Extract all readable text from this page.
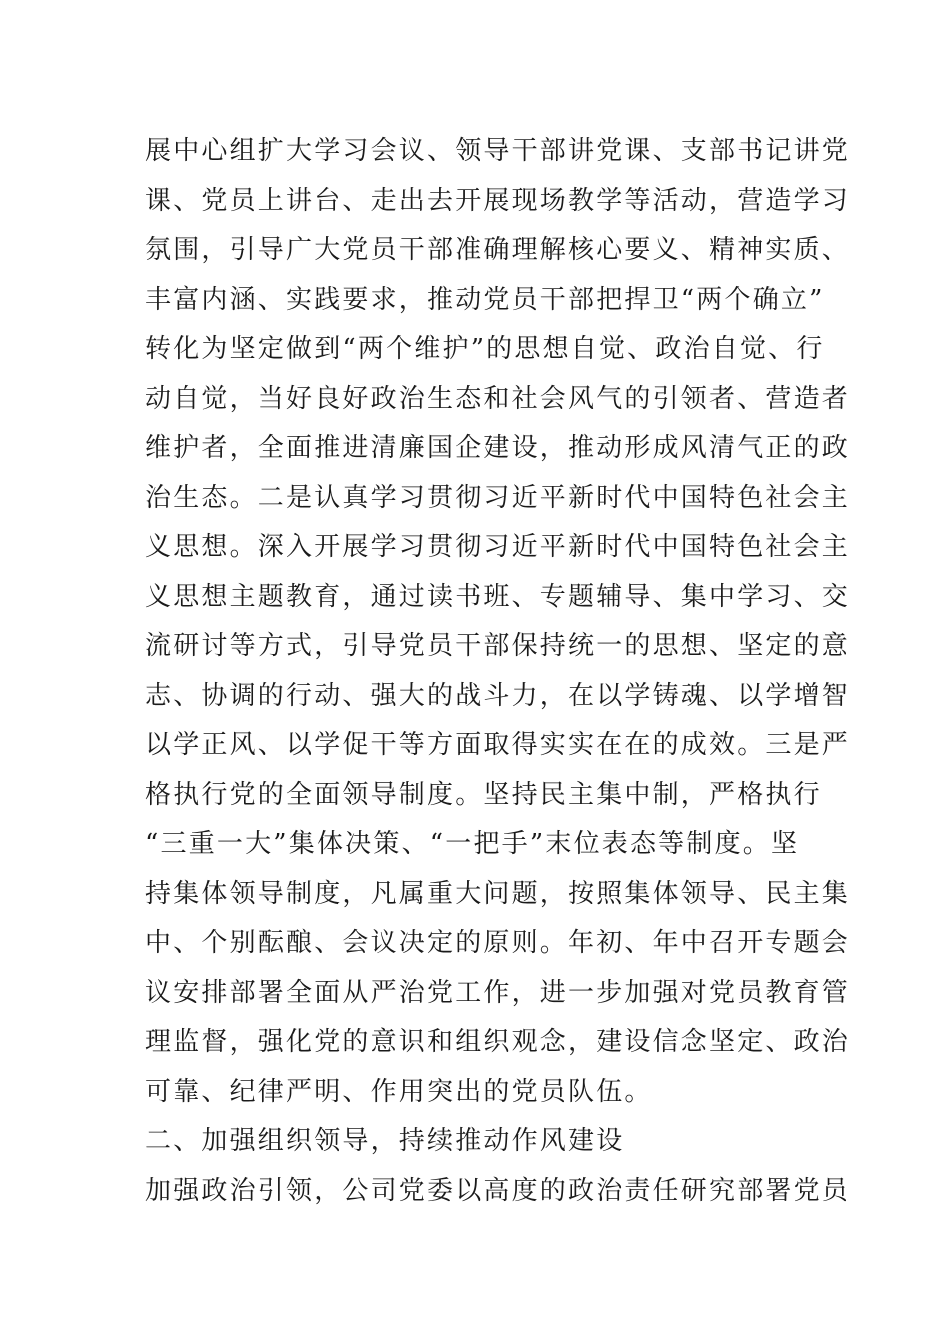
展中心组扩大学习会议、领导干部讲党课、支部书记讲党
课、党员上讲台、走出去开展现场教学等活动，营造学习
氛围，引导广大党员干部准确理解核心要义、精神实质、
丰富内涵、实践要求，推动党员干部把捍卫“两个确立”
转化为坚定做到“两个维护”的思想自觉、政治自觉、行
动自觉，当好良好政治生态和社会风气的引领者、营造者
维护者，全面推进清廉国企建设，推动形成风清气正的政
治生态。二是认真学习贯彻习近平新时代中国特色社会主
义思想。深入开展学习贯彻习近平新时代中国特色社会主
义思想主题教育，通过读书班、专题辅导、集中学习、交
流研讨等方式，引导党员干部保持统一的思想、坚定的意
志、协调的行动、强大的战斗力，在以学铸魂、以学增智
以学正风、以学促干等方面取得实实在在的成效。三是严
格执行党的全面领导制度。坚持民主集中制，严格执行
“三重一大”集体决策、“一把手”末位表态等制度。坚
持集体领导制度，凡属重大问题，按照集体领导、民主集
中、个别酝酿、会议决定的原则。年初、年中召开专题会
议安排部署全面从严治党工作，进一步加强对党员教育管
理监督，强化党的意识和组织观念，建设信念坚定、政治
可靠、纪律严明、作用突出的党员队伍。
二、加强组织领导，持续推动作风建设
加强政治引领，公司党委以高度的政治责任研究部署党员
